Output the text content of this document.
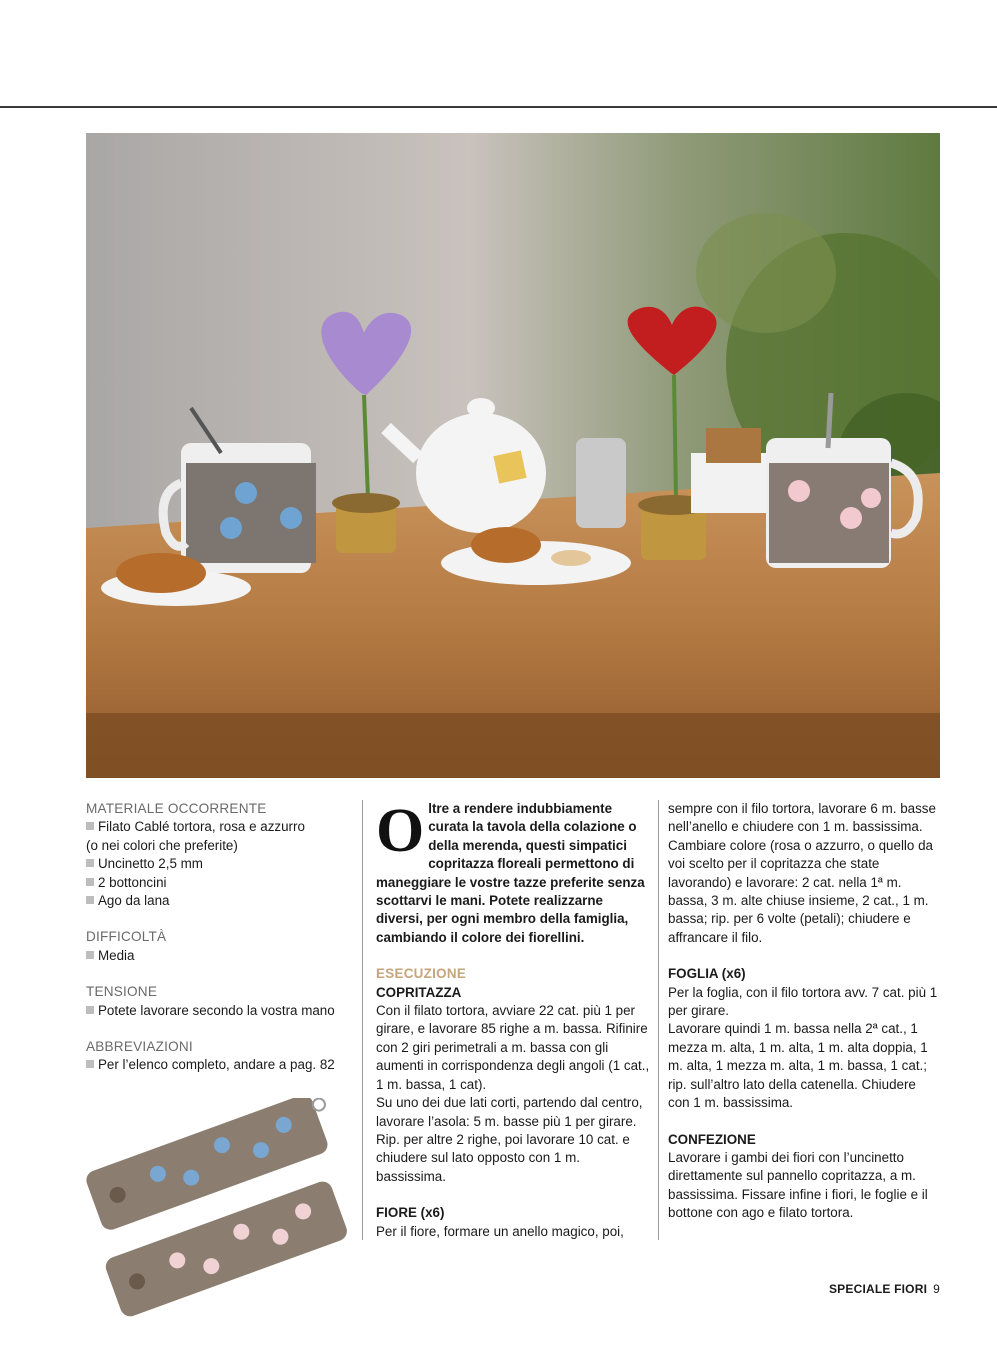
MATERIALE OCCORRENTE

Filato Cablé tortora, rosa e azzurro

(o nei colori che preferite)

Uncinetto 2,5 mm

2 bottoncini

Ago da lana

DIFFICOLTÀ

Media

TENSIONE

Potete lavorare secondo la vostra mano

ABBREVIAZIONI

Per l’elenco completo, andare a pag. 82

Oltre a rendere indubbiamente curata la tavola della colazione o della merenda, questi simpatici copritazza floreali permettono di maneggiare le vostre tazze preferite senza scottarvi le mani. Potete realizzarne diversi, per ogni membro della famiglia, cambiando il colore dei fiorellini.

ESECUZIONE

COPRITAZZA

Con il filato tortora, avviare 22 cat. più 1 per girare, e lavorare 85 righe a m. bassa. Rifinire con 2 giri perimetrali a m. bassa con gli aumenti in corrispondenza degli angoli (1 cat., 1 m. bassa, 1 cat).

Su uno dei due lati corti, partendo dal centro, lavorare l’asola: 5 m. basse più 1 per girare. Rip. per altre 2 righe, poi lavorare 10 cat. e chiudere sul lato opposto con 1 m. bassissima.

FIORE (x6)

Per il fiore, formare un anello magico, poi,

sempre con il filo tortora, lavorare 6 m. basse nell’anello e chiudere con 1 m. bassissima.

Cambiare colore (rosa o azzurro, o quello da voi scelto per il copritazza che state lavorando) e lavorare: 2 cat. nella 1ª m. bassa, 3 m. alte chiuse insieme, 2 cat., 1 m. bassa; rip. per 6 volte (petali); chiudere e affrancare il filo.

FOGLIA (x6)

Per la foglia, con il filo tortora avv. 7 cat. più 1 per girare.

Lavorare quindi 1 m. bassa nella 2ª cat., 1 mezza m. alta, 1 m. alta, 1 m. alta doppia, 1 m. alta, 1 mezza m. alta, 1 m. bassa, 1 cat.; rip. sull’altro lato della catenella. Chiudere con 1 m. bassissima.

CONFEZIONE

Lavorare i gambi dei fiori con l’uncinetto direttamente sul pannello copritazza, a m. bassissima. Fissare infine i fiori, le foglie e il bottone con ago e filato tortora.

SPECIALE FIORI 9
